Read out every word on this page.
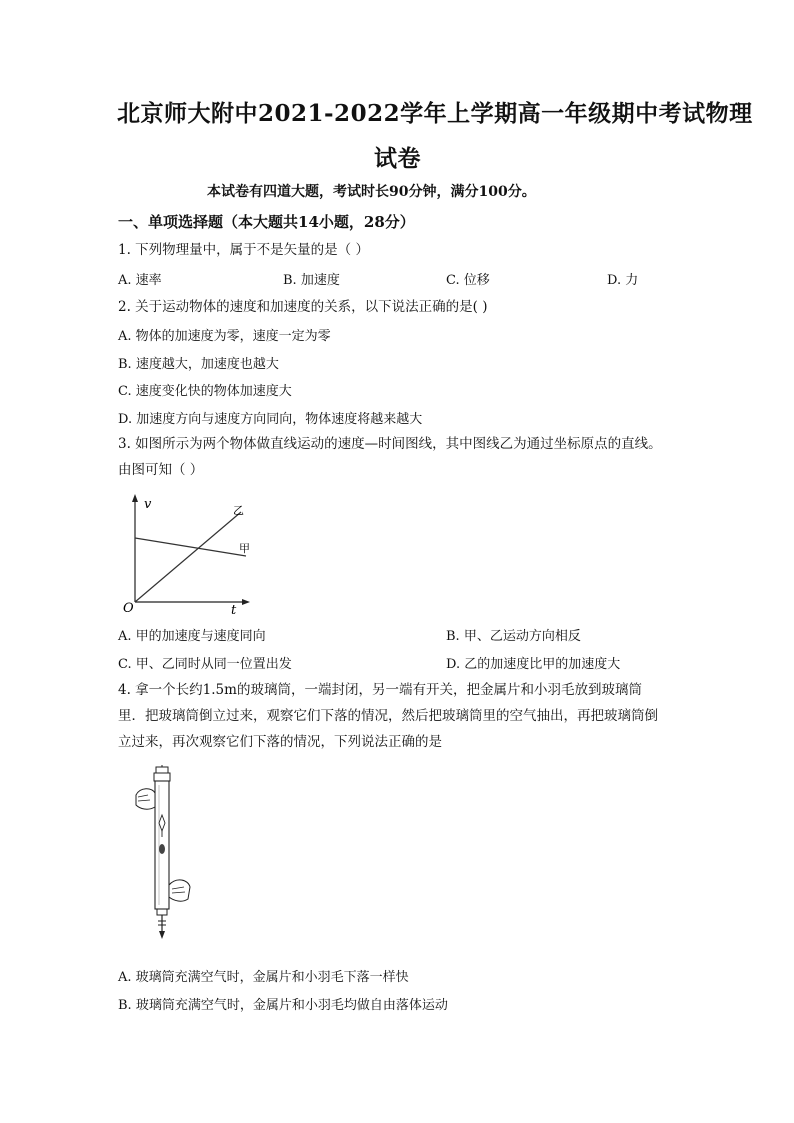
北京师大附中2021-2022学年上学期高一年级期中考试物理
试卷
本试卷有四道大题，考试时长90分钟，满分100分。
一、单项选择题（本大题共14小题，28分）
1. 下列物理量中，属于不是矢量的是（ ）
A. 速率	B. 加速度	C. 位移	D. 力
2. 关于运动物体的速度和加速度的关系，以下说法正确的是( )
A. 物体的加速度为零，速度一定为零
B. 速度越大，加速度也越大
C. 速度变化快的物体加速度大
D. 加速度方向与速度方向同向，物体速度将越来越大
3. 如图所示为两个物体做直线运动的速度—时间图线，其中图线乙为通过坐标原点的直线。
由图可知（ ）
v
t
O
甲
乙
A. 甲的加速度与速度同向	B. 甲、乙运动方向相反
C. 甲、乙同时从同一位置出发	D. 乙的加速度比甲的加速度大
4. 拿一个长约1.5m的玻璃筒，一端封闭，另一端有开关，把金属片和小羽毛放到玻璃筒
里．把玻璃筒倒立过来，观察它们下落的情况，然后把玻璃筒里的空气抽出，再把玻璃筒倒
立过来，再次观察它们下落的情况，下列说法正确的是
A. 玻璃筒充满空气时，金属片和小羽毛下落一样快
B. 玻璃筒充满空气时，金属片和小羽毛均做自由落体运动
